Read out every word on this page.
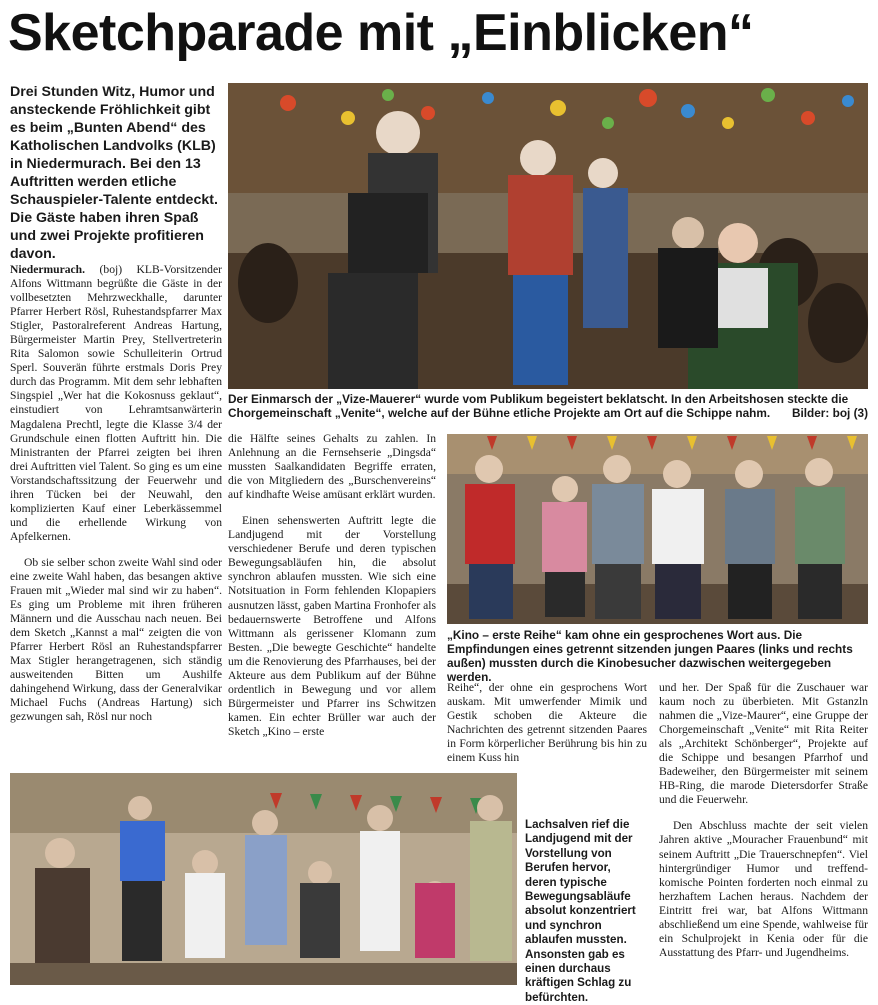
Sketchparade mit „Einblicken“
Drei Stunden Witz, Humor und ansteckende Fröhlichkeit gibt es beim „Bunten Abend“ des Katholischen Landvolks (KLB) in Niedermurach. Bei den 13 Auftritten werden etliche Schauspieler-Talente entdeckt. Die Gäste haben ihren Spaß und zwei Projekte profitieren davon.
Der Einmarsch der „Vize-Mauerer“ wurde vom Publikum begeistert beklatscht. In den Arbeitshosen steckte die Chorgemeinschaft „Venite“, welche auf der Bühne etliche Projekte am Ort auf die Schippe nahm. Bilder: boj (3)
„Kino – erste Reihe“ kam ohne ein gesprochenes Wort aus. Die Empfindungen eines getrennt sitzenden jungen Paares (links und rechts außen) mussten durch die Kinobesucher dazwischen weitergegeben werden.
Lachsalven rief die Landjugend mit der Vorstellung von Berufen hervor, deren typische Bewegungsabläufe absolut konzentriert und synchron ablaufen mussten. Ansonsten gab es einen durchaus kräftigen Schlag zu befürchten.

Niedermurach. (boj) KLB-Vorsitzender Alfons Wittmann begrüßte die Gäste in der vollbesetzten Mehrzweckhalle, darunter Pfarrer Herbert Rösl, Ruhestandspfarrer Max Stigler, Pastoralreferent Andreas Hartung, Bürgermeister Martin Prey, Stellvertreterin Rita Salomon sowie Schulleiterin Ortrud Sperl. Souverän führte erstmals Doris Prey durch das Programm. Mit dem sehr lebhaften Singspiel „Wer hat die Kokosnuss geklaut“, einstudiert von Lehramtsanwärterin Magdalena Prechtl, legte die Klasse 3/4 der Grundschule einen flotten Auftritt hin. Die Ministranten der Pfarrei zeigten bei ihren drei Auftritten viel Talent. So ging es um eine Vorstandschaftssitzung der Feuerwehr und ihren Tücken bei der Neuwahl, den komplizierten Kauf einer Leberkässemmel und die erhellende Wirkung von Apfelkernen.

Ob sie selber schon zweite Wahl sind oder eine zweite Wahl haben, das besangen aktive Frauen mit „Wieder mal sind wir zu haben“. Es ging um Probleme mit ihren früheren Männern und die Ausschau nach neuen. Bei dem Sketch „Kannst a mal“ zeigten die von Pfarrer Herbert Rösl an Ruhestandspfarrer Max Stigler herangetragenen, sich ständig ausweitenden Bitten um Aushilfe dahingehend Wirkung, dass der Generalvikar Michael Fuchs (Andreas Hartung) sich gezwungen sah, Rösl nur noch

die Hälfte seines Gehalts zu zahlen. In Anlehnung an die Fernsehserie „Dingsda“ mussten Saalkandidaten Begriffe erraten, die von Mitgliedern des „Burschenvereins“ auf kindhafte Weise amüsant erklärt wurden.

Einen sehenswerten Auftritt legte die Landjugend mit der Vorstellung verschiedener Berufe und deren typischen Bewegungsabläufen hin, die absolut synchron ablaufen mussten. Wie sich eine Notsituation in Form fehlenden Klopapiers ausnutzen lässt, gaben Martina Fronhofer als bedauernswerte Betroffene und Alfons Wittmann als gerissener Klomann zum Besten. „Die bewegte Geschichte“ handelte um die Renovierung des Pfarrhauses, bei der Akteure aus dem Publikum auf der Bühne ordentlich in Bewegung und vor allem Bürgermeister und Pfarrer ins Schwitzen kamen. Ein echter Brüller war auch der Sketch „Kino – erste

Reihe“, der ohne ein gesprochens Wort auskam. Mit umwerfender Mimik und Gestik schoben die Akteure die Nachrichten des getrennt sitzenden Paares in Form körperlicher Berührung bis hin zu einem Kuss hin

und her. Der Spaß für die Zuschauer war kaum noch zu überbieten. Mit Gstanzln nahmen die „Vize-Maurer“, eine Gruppe der Chorgemeinschaft „Venite“ mit Rita Reiter als „Architekt Schönberger“, Projekte auf die Schippe und besangen Pfarrhof und Badeweiher, den Bürgermeister mit seinem HB-Ring, die marode Dietersdorfer Straße und die Feuerwehr.

Den Abschluss machte der seit vielen Jahren aktive „Mouracher Frauenbund“ mit seinem Auftritt „Die Trauerschnepfen“. Viel hintergründiger Humor und treffend-komische Pointen forderten noch einmal zu herzhaftem Lachen heraus. Nachdem der Eintritt frei war, bat Alfons Wittmann abschließend um eine Spende, wahlweise für ein Schulprojekt in Kenia oder für die Ausstattung des Pfarr- und Jugendheims.
